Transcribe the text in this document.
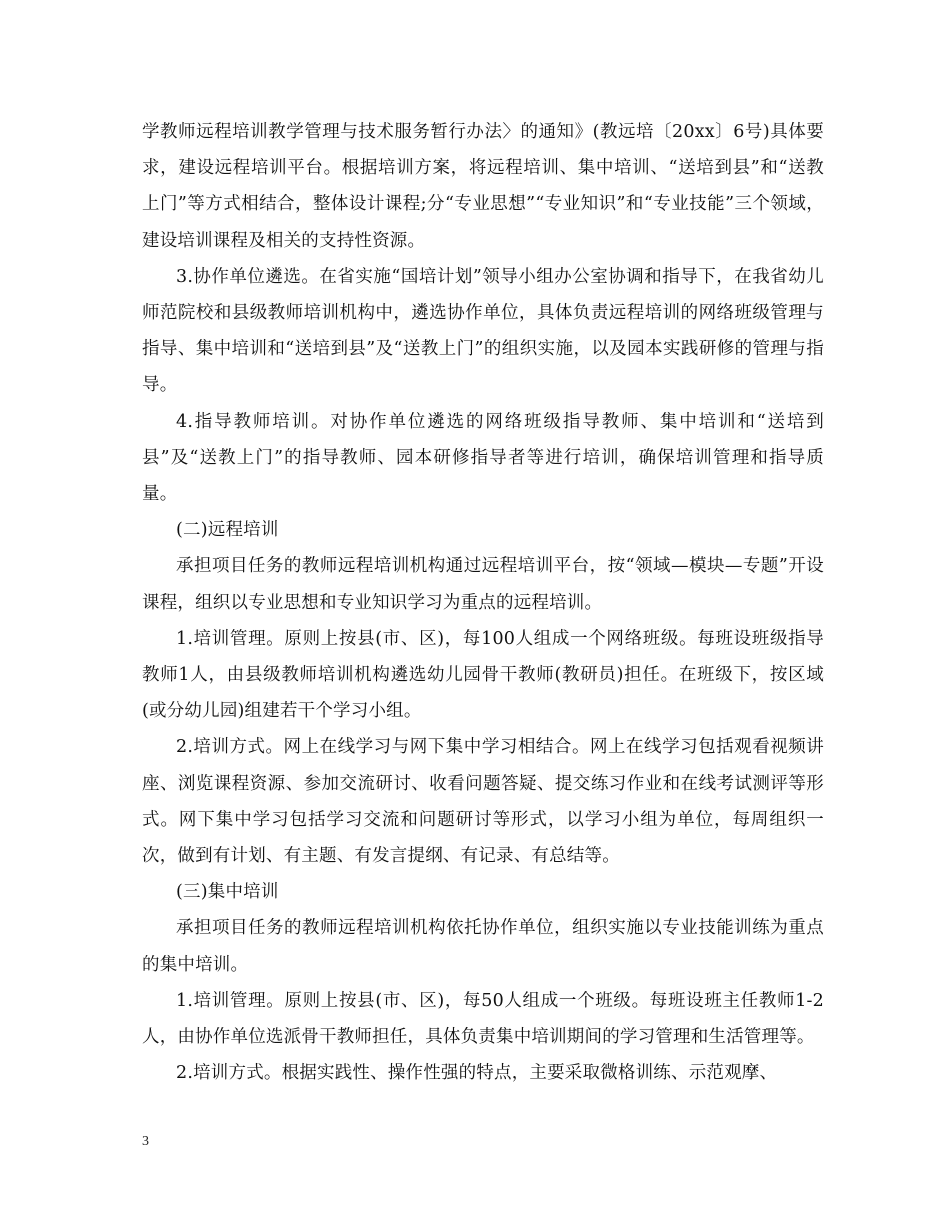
学教师远程培训教学管理与技术服务暂行办法〉的通知》(教远培〔20xx〕6号)具体要求，建设远程培训平台。根据培训方案，将远程培训、集中培训、“送培到县”和“送教上门”等方式相结合，整体设计课程;分“专业思想”“专业知识”和“专业技能”三个领域，建设培训课程及相关的支持性资源。

3.协作单位遴选。在省实施“国培计划”领导小组办公室协调和指导下，在我省幼儿师范院校和县级教师培训机构中，遴选协作单位，具体负责远程培训的网络班级管理与指导、集中培训和“送培到县”及“送教上门”的组织实施，以及园本实践研修的管理与指导。

4.指导教师培训。对协作单位遴选的网络班级指导教师、集中培训和“送培到县”及“送教上门”的指导教师、园本研修指导者等进行培训，确保培训管理和指导质量。

(二)远程培训

承担项目任务的教师远程培训机构通过远程培训平台，按“领域—模块—专题”开设课程，组织以专业思想和专业知识学习为重点的远程培训。

1.培训管理。原则上按县(市、区)，每100人组成一个网络班级。每班设班级指导教师1人，由县级教师培训机构遴选幼儿园骨干教师(教研员)担任。在班级下，按区域(或分幼儿园)组建若干个学习小组。

2.培训方式。网上在线学习与网下集中学习相结合。网上在线学习包括观看视频讲座、浏览课程资源、参加交流研讨、收看问题答疑、提交练习作业和在线考试测评等形式。网下集中学习包括学习交流和问题研讨等形式，以学习小组为单位，每周组织一次，做到有计划、有主题、有发言提纲、有记录、有总结等。

(三)集中培训

承担项目任务的教师远程培训机构依托协作单位，组织实施以专业技能训练为重点的集中培训。

1.培训管理。原则上按县(市、区)，每50人组成一个班级。每班设班主任教师1-2人，由协作单位选派骨干教师担任，具体负责集中培训期间的学习管理和生活管理等。

2.培训方式。根据实践性、操作性强的特点，主要采取微格训练、示范观摩、

3
